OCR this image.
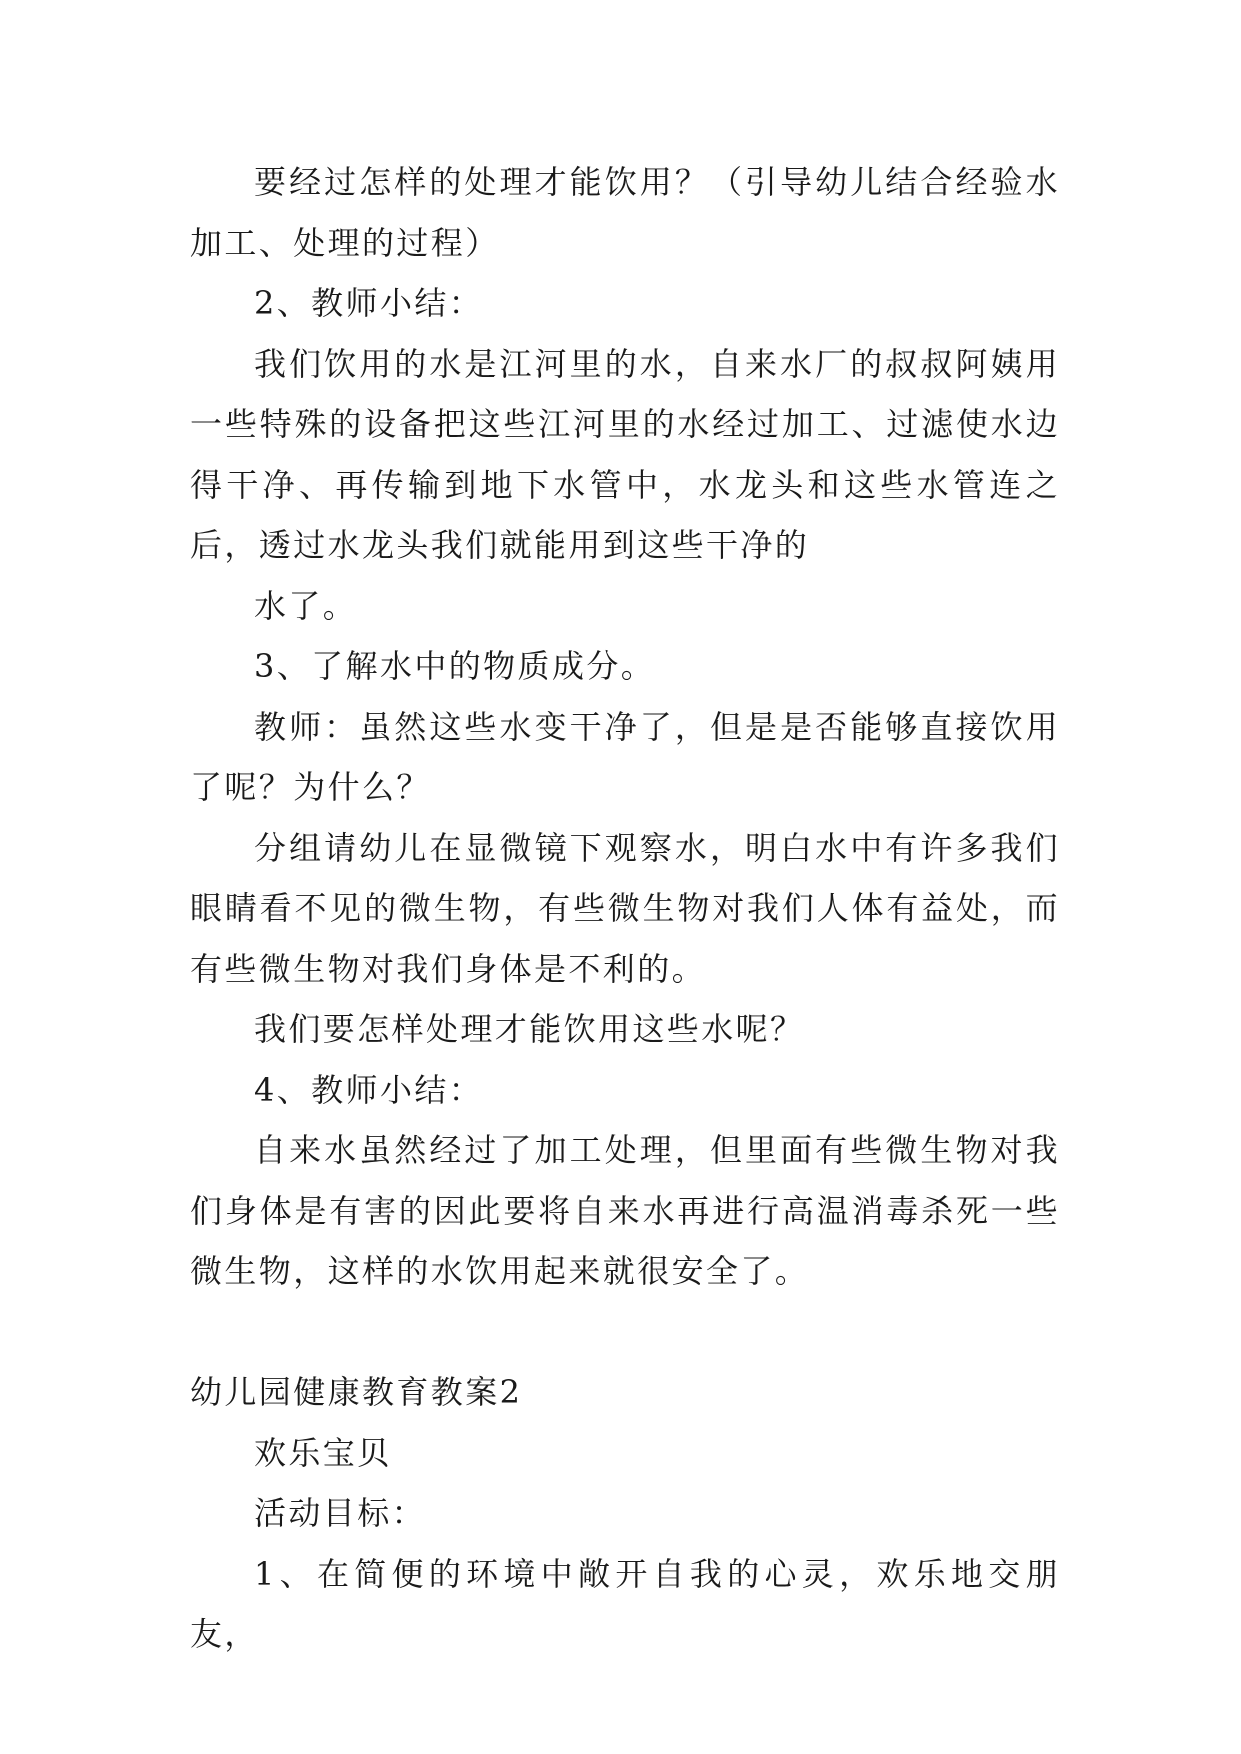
要经过怎样的处理才能饮用？（引导幼儿结合经验水加工、处理的过程）

2、教师小结：

我们饮用的水是江河里的水，自来水厂的叔叔阿姨用一些特殊的设备把这些江河里的水经过加工、过滤使水边得干净、再传输到地下水管中，水龙头和这些水管连之后，透过水龙头我们就能用到这些干净的

水了。

3、了解水中的物质成分。

教师：虽然这些水变干净了，但是是否能够直接饮用了呢？为什么？

分组请幼儿在显微镜下观察水，明白水中有许多我们眼睛看不见的微生物，有些微生物对我们人体有益处，而有些微生物对我们身体是不利的。

我们要怎样处理才能饮用这些水呢？

4、教师小结：

自来水虽然经过了加工处理，但里面有些微生物对我们身体是有害的因此要将自来水再进行高温消毒杀死一些微生物，这样的水饮用起来就很安全了。

幼儿园健康教育教案2

欢乐宝贝

活动目标：

1、在简便的环境中敞开自我的心灵，欢乐地交朋友，
